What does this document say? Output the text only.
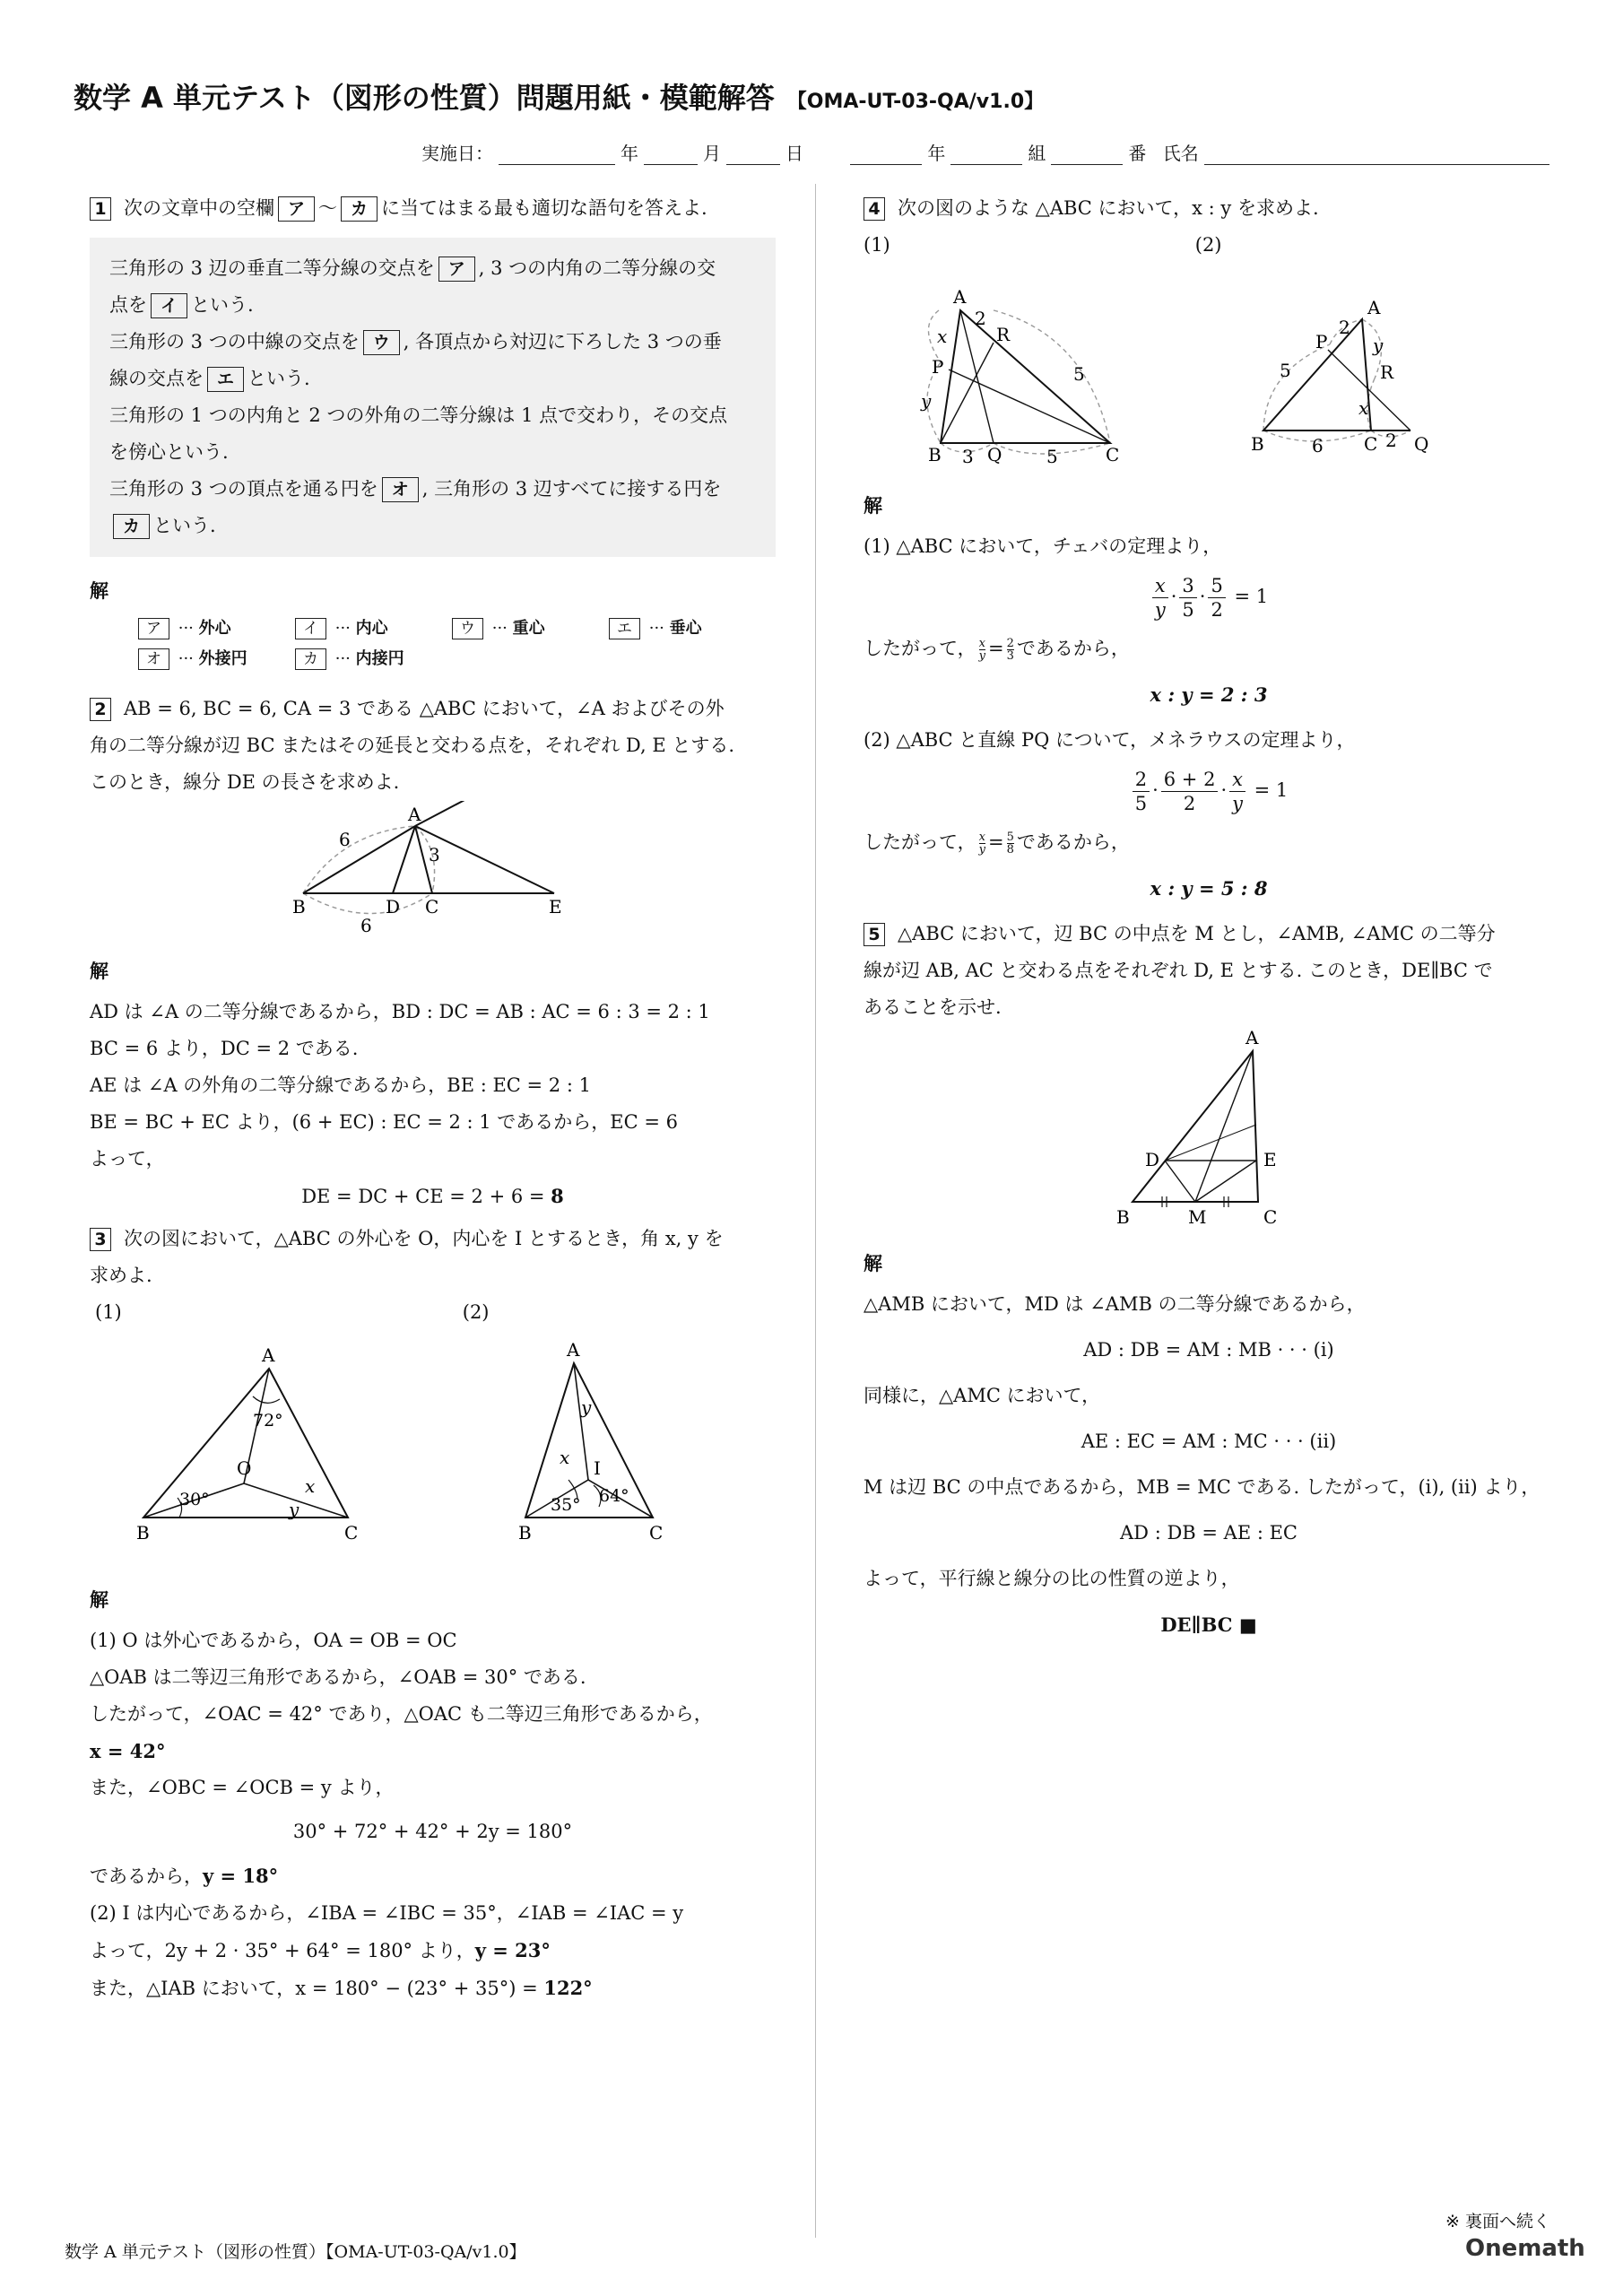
数学 A 単元テスト（図形の性質）問題用紙・模範解答 【OMA-UT-03-QA/v1.0】
実施日：	年	月	日	年	組	番 氏名
1 次の文章中の空欄 ア 〜 カ に当てはまる最も適切な語句を答えよ.
三角形の 3 辺の垂直二等分線の交点を ア , 3 つの内角の二等分線の交
点を イ という.
三角形の 3 つの中線の交点を ウ , 各頂点から対辺に下ろした 3 つの垂
線の交点を エ という.
三角形の 1 つの内角と 2 つの外角の二等分線は 1 点で交わり，その交点
を傍心という.
三角形の 3 つの頂点を通る円を オ , 三角形の 3 辺すべてに接する円を
カ という.
解
ア ··· 外心	イ ··· 内心	ウ ··· 重心	エ ··· 垂心
オ ··· 外接円	カ ··· 内接円
2 AB = 6, BC = 6, CA = 3 である △ABC において，∠A およびその外
角の二等分線が辺 BC またはその延長と交わる点を，それぞれ D, E とする.
このとき，線分 DE の長さを求めよ.
A
B	D C	E
6
3
6
解
AD は ∠A の二等分線であるから，BD : DC = AB : AC = 6 : 3 = 2 : 1
BC = 6 より，DC = 2 である.
AE は ∠A の外角の二等分線であるから，BE : EC = 2 : 1
BE = BC + EC より，(6 + EC) : EC = 2 : 1 であるから，EC = 6
よって，
DE = DC + CE = 2 + 6 = 8
3 次の図において，△ABC の外心を O，内心を I とするとき，角 x, y を
求めよ.
(1)	(2)
A
B	C
O
72°
30°
x
y
A
B	C
I
35° 64°
x
y
解
(1) O は外心であるから，OA = OB = OC
△OAB は二等辺三角形であるから，∠OAB = 30° である.
したがって，∠OAC = 42° であり，△OAC も二等辺三角形であるから，
x = 42°
また，∠OBC = ∠OCB = y より，
30° + 72° + 42° + 2y = 180°
であるから，y = 18°
(2) I は内心であるから，∠IBA = ∠IBC = 35°，∠IAB = ∠IAC = y
よって，2y + 2 · 35° + 64° = 180° より，y = 23°
また，△IAB において，x = 180° − (23° + 35°) = 122°
4 次の図のような △ABC において，x : y を求めよ.
(1)	(2)
A
B	C
P
Q
R
x
y
2
5
3	5
A
B	C
P
Q
R
x
y
2
5
6	2
解
(1) △ABC において，チェバの定理より，
$\frac{x}{y} \cdot \frac{3}{5} \cdot \frac{5}{2} = 1$
したがって， $\frac{x}{y} = \frac{2}{3}$ であるから，
x : y = 2 : 3
(2) △ABC と直線 PQ について，メネラウスの定理より，
$\frac{2}{5} \cdot \frac{6 + 2}{2} \cdot \frac{x}{y} = 1$
したがって， $\frac{x}{y} = \frac{5}{8}$ であるから，
x : y = 5 : 8
5 △ABC において，辺 BC の中点を M とし，∠AMB, ∠AMC の二等分
線が辺 AB, AC と交わる点をそれぞれ D, E とする. このとき，DE∥BC で
あることを示せ.
A
B	C
D	E
M
解
△AMB において，MD は ∠AMB の二等分線であるから，
AD : DB = AM : MB · · · (i)
同様に，△AMC において，
AE : EC = AM : MC · · · (ii)
M は辺 BC の中点であるから，MB = MC である. したがって，(i), (ii) より，
AD : DB = AE : EC
よって，平行線と線分の比の性質の逆より，
DE∥BC ■
※ 裏面へ続く
数学 A 単元テスト（図形の性質）【OMA-UT-03-QA/v1.0】	Onemath
